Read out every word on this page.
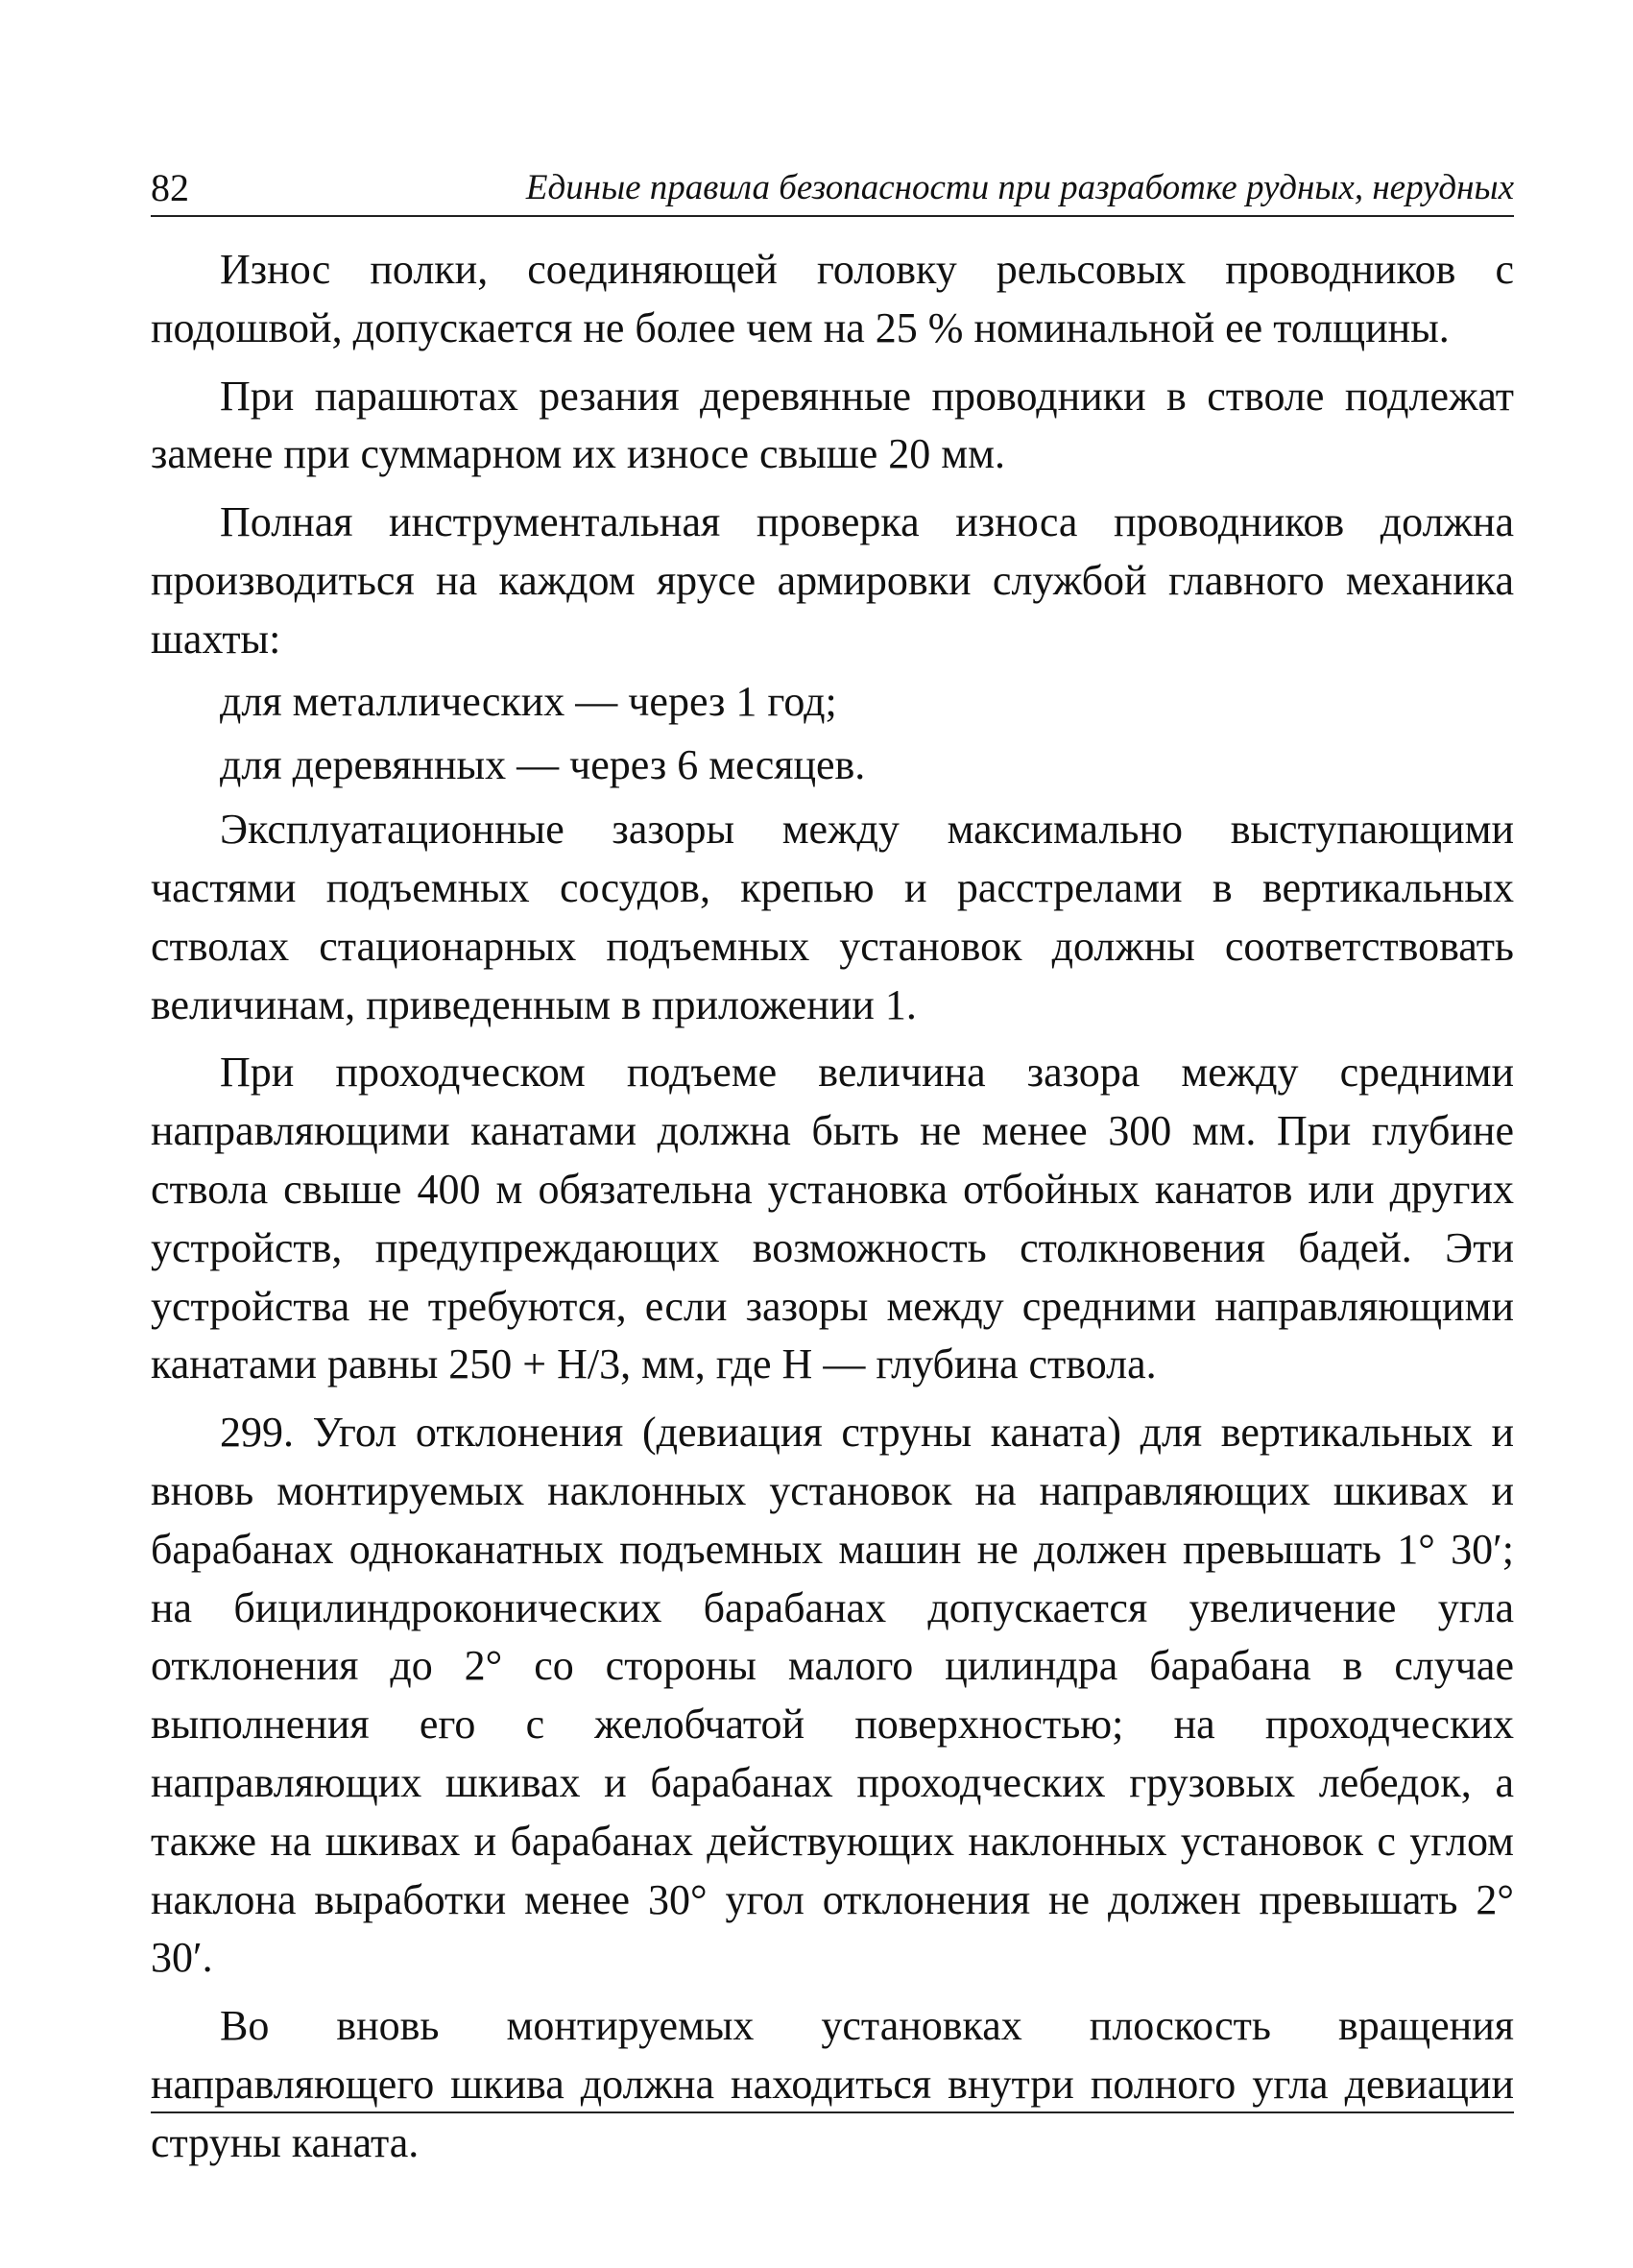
82	Единые правила безопасности при разработке рудных, нерудных

Износ полки, соединяющей головку рельсовых проводников с подошвой, допускается не более чем на 25 % номинальной ее толщины.

При парашютах резания деревянные проводники в стволе подлежат замене при суммарном их износе свыше 20 мм.

Полная инструментальная проверка износа проводников должна производиться на каждом ярусе армировки службой главного механика шахты:

для металлических — через 1 год;

для деревянных — через 6 месяцев.

Эксплуатационные зазоры между максимально выступающими частями подъемных сосудов, крепью и расстрелами в вертикальных стволах стационарных подъемных установок должны соответствовать величинам, приведенным в приложении 1.

При проходческом подъеме величина зазора между средними направляющими канатами должна быть не менее 300 мм. При глубине ствола свыше 400 м обязательна установка отбойных канатов или других устройств, предупреждающих возможность столкновения бадей. Эти устройства не требуются, если зазоры между средними направляющими канатами равны 250 + H/3, мм, где H — глубина ствола.

299. Угол отклонения (девиация струны каната) для вертикальных и вновь монтируемых наклонных установок на направляющих шкивах и барабанах одноканатных подъемных машин не должен превышать 1° 30′; на бицилиндроконических барабанах допускается увеличение угла отклонения до 2° со стороны малого цилиндра барабана в случае выполнения его с желобчатой поверхностью; на проходческих направляющих шкивах и барабанах проходческих грузовых лебедок, а также на шкивах и барабанах действующих наклонных установок с углом наклона выработки менее 30° угол отклонения не должен превышать 2° 30′.

Во вновь монтируемых установках плоскость вращения направляющего шкива должна находиться внутри полного угла девиации струны каната.
